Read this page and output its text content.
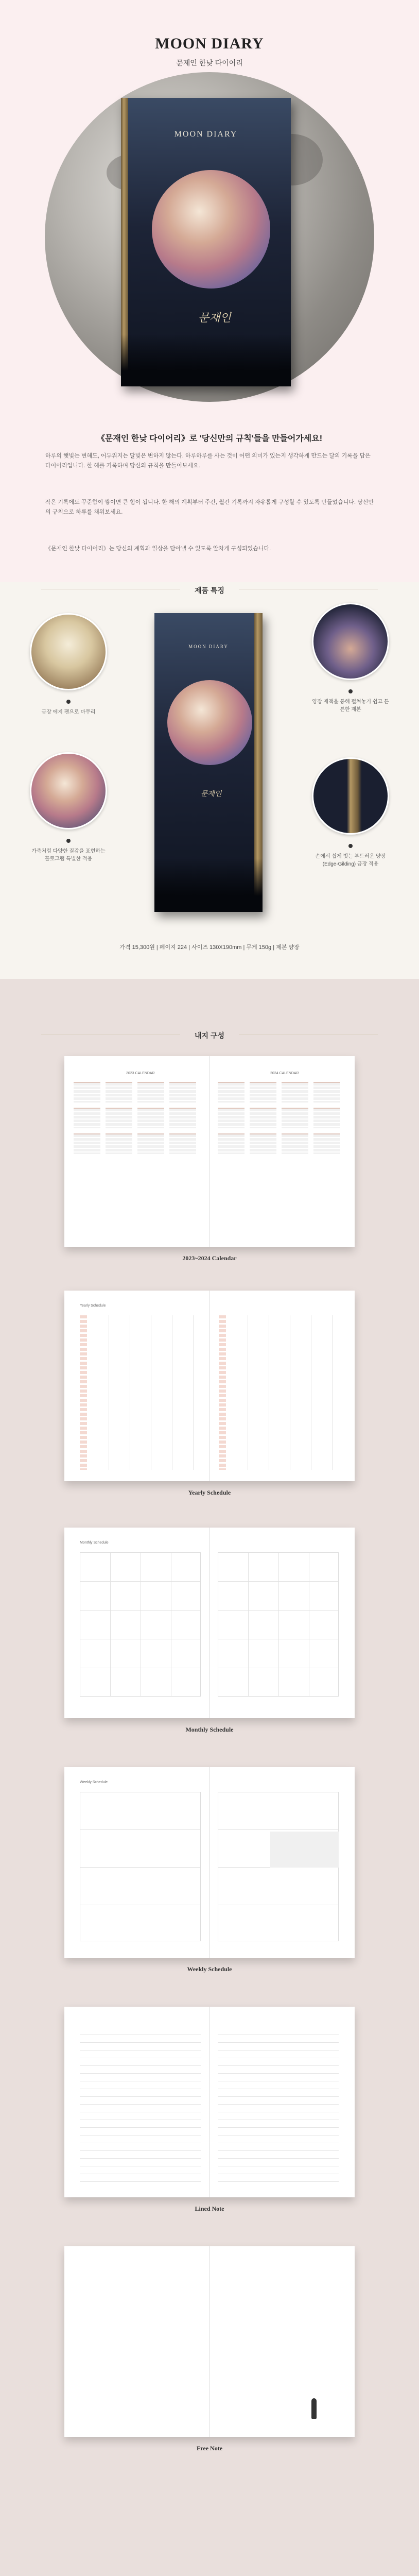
MOON DIARY
문제인 한낮 다이어리
MOON DIARY
문재인
《문재인 한낮 다이어리》로 '당신만의 규칙'들을 만들어가세요!

하루의 햇빛는 변해도, 어두워지는 달빛은 변하지 않는다. 하루하루를 사는 것이 어떤 의미가 있는지 생각하게 만드는 달의 기록을 담은 다이어리입니다. 한 해를 기록하며 당신의 규칙을 만들어보세요.

작은 기록에도 꾸준함이 쌓이면 큰 힘이 됩니다. 한 해의 계획부터 주간, 월간 기록까지 자유롭게 구성할 수 있도록 만들었습니다. 당신만의 규칙으로 하루를 채워보세요.

《문재인 한낮 다이어리》는 당신의 계획과 일상을 담아낼 수 있도록 알차게 구성되었습니다.

제품 특징
MOON DIARY
문재인
금장 에지 팬으로 마무리
양장 제책을 통해 펼쳐놓기 쉽고 튼튼한 제본
가죽처럼 다양한 질감을 표현하는 홀로그램 특별한 적용	손에서 쉽게 벗는 부드러운 양장(Edge-Gilding) 금장 적용
가격 15,300원 | 페이지 224 | 사이즈 130X190mm | 무게 150g | 제본 양장
내지 구성
2023 CALENDAR	2024 CALENDAR
2023~2024 Calendar
Yearly Schedule
Yearly Schedule
Monthly Schedule
Monthly Schedule
Weekly Schedule
Weekly Schedule
Lined Note
Free Note
